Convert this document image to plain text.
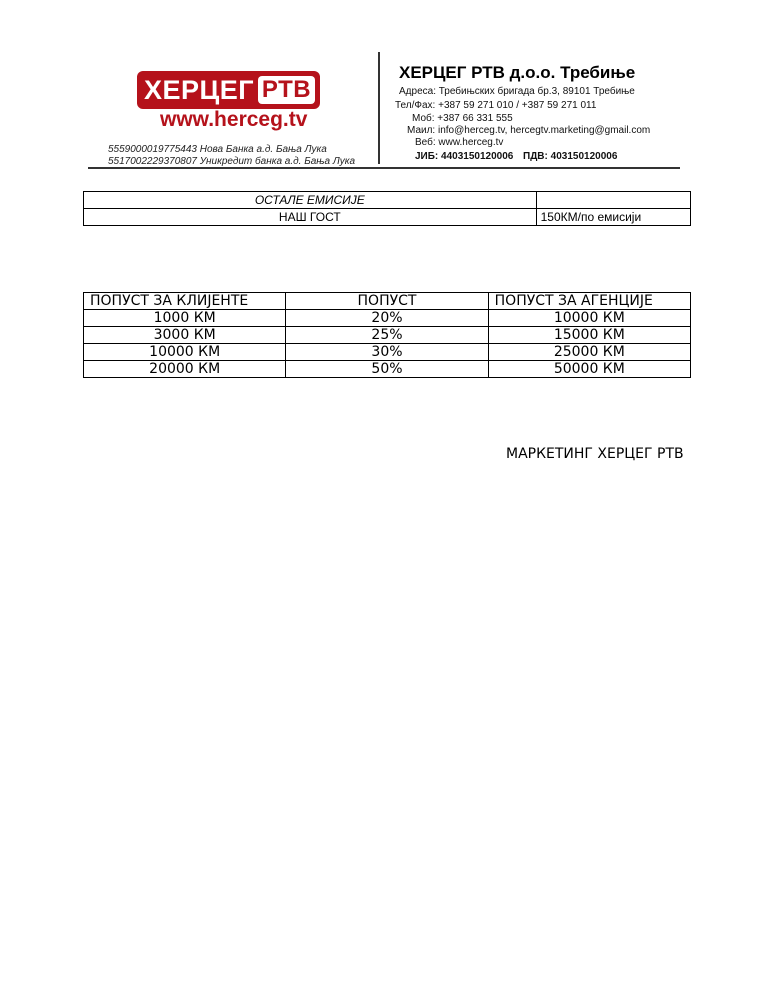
ХЕРЦЕГ РТВ
www.herceg.tv
5559000019775443 Нова Банка а.д. Бања Лука
5517002229370807 Уникредит банка а.д. Бања Лука
ХЕРЦЕГ РТВ д.о.о. Требиње
Адреса: Требињских бригада бр.3, 89101 Требиње
Тел/Фах: +387 59 271 010 / +387 59 271 011
Моб: +387 66 331 555
Маил: info@herceg.tv, hercegtv.marketing@gmail.com
Веб: www.herceg.tv
ЈИБ: 4403150120006 ПДВ: 403150120006
ОСТАЛЕ ЕМИСИЈЕ	
НАШ ГОСТ	150КМ/по емисији
ПОПУСТ ЗА КЛИЈЕНТЕ	ПОПУСТ	ПОПУСТ ЗА АГЕНЦИЈЕ
1000 КМ	20%	10000 КМ
3000 КМ	25%	15000 КМ
10000 КМ	30%	25000 КМ
20000 КМ	50%	50000 КМ
МАРКЕТИНГ ХЕРЦЕГ РТВ
